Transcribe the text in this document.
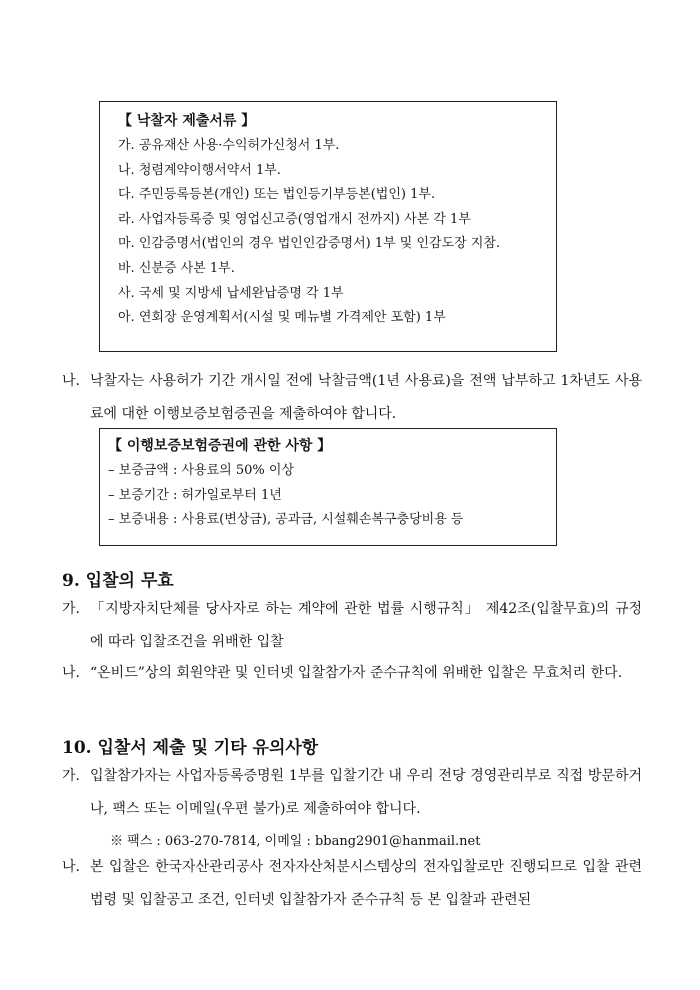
【 낙찰자 제출서류 】
가. 공유재산 사용·수익허가신청서 1부.
나. 청렴계약이행서약서 1부.
다. 주민등록등본(개인) 또는 법인등기부등본(법인) 1부.
라. 사업자등록증 및 영업신고증(영업개시 전까지) 사본 각 1부
마. 인감증명서(법인의 경우 법인인감증명서) 1부 및 인감도장 지참.
바. 신분증 사본 1부.
사. 국세 및 지방세 납세완납증명 각 1부
아. 연회장 운영계획서(시설 및 메뉴별 가격제안 포함) 1부
나. 낙찰자는 사용허가 기간 개시일 전에 낙찰금액(1년 사용료)을 전액 납부하고 1차년도 사용료에 대한 이행보증보험증권을 제출하여야 합니다.
【 이행보증보험증권에 관한 사항 】
– 보증금액 : 사용료의 50% 이상
– 보증기간 : 허가일로부터 1년
– 보증내용 : 사용료(변상금), 공과금, 시설훼손복구충당비용 등
9. 입찰의 무효
가. 「지방자치단체를 당사자로 하는 계약에 관한 법률 시행규칙」 제42조(입찰무효)의 규정에 따라 입찰조건을 위배한 입찰
나. “온비드”상의 회원약관 및 인터넷 입찰참가자 준수규칙에 위배한 입찰은 무효처리 한다.
10. 입찰서 제출 및 기타 유의사항
가. 입찰참가자는 사업자등록증명원 1부를 입찰기간 내 우리 전당 경영관리부로 직접 방문하거나, 팩스 또는 이메일(우편 불가)로 제출하여야 합니다.
※ 팩스 : 063-270-7814, 이메일 : bbang2901@hanmail.net
나. 본 입찰은 한국자산관리공사 전자자산처분시스템상의 전자입찰로만 진행되므로 입찰 관련 법령 및 입찰공고 조건, 인터넷 입찰참가자 준수규칙 등 본 입찰과 관련된
